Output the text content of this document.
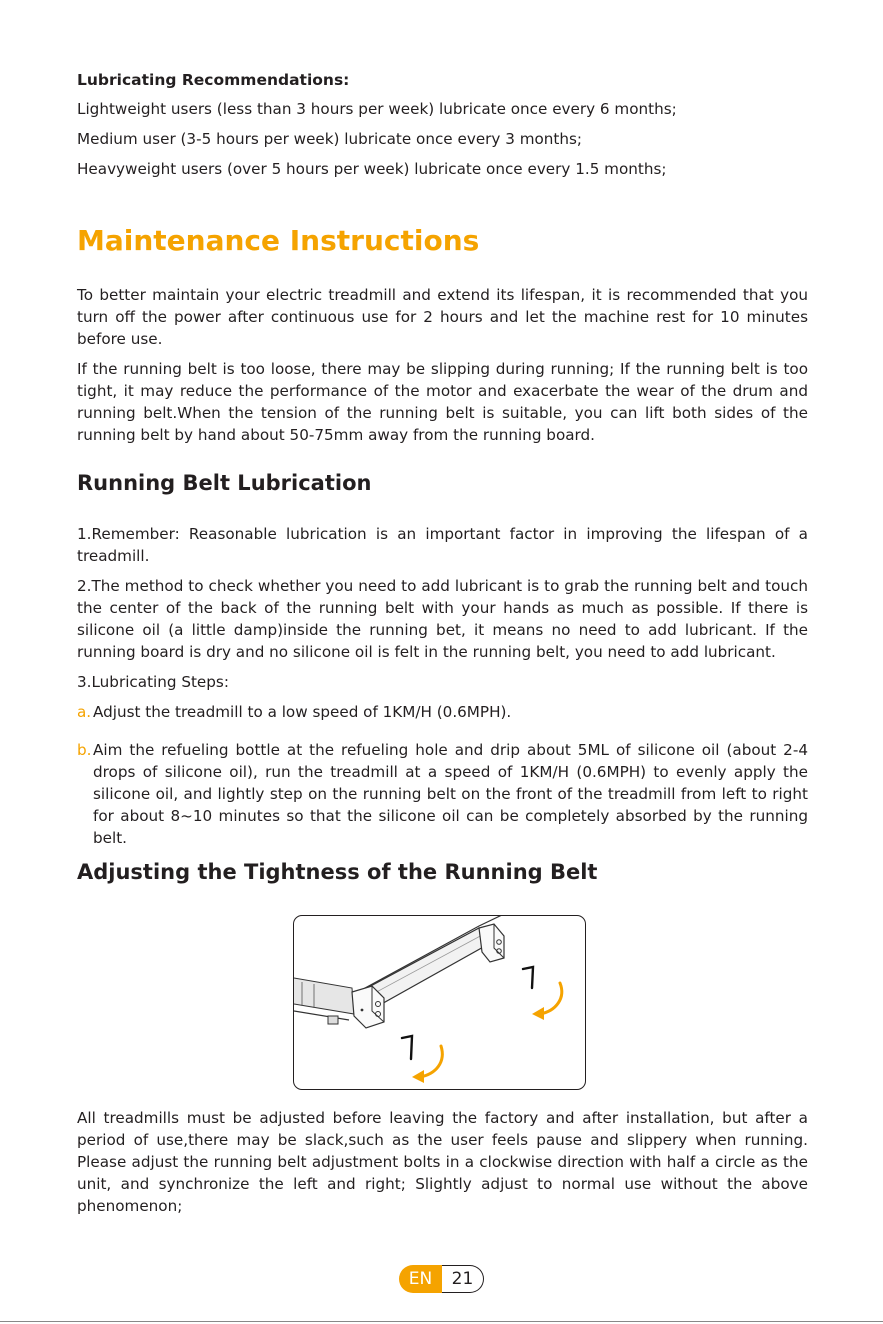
Lubricating Recommendations:

Lightweight users (less than 3 hours per week) lubricate once every 6 months;

Medium user (3-5 hours per week) lubricate once every 3 months;

Heavyweight users (over 5 hours per week) lubricate once every 1.5 months;

Maintenance Instructions

To better maintain your electric treadmill and extend its lifespan, it is recommended that you turn off the power after continuous use for 2 hours and let the machine rest for 10 minutes before use.

If the running belt is too loose, there may be slipping during running; If the running belt is too tight, it may reduce the performance of the motor and exacerbate the wear of the drum and running belt.When the tension of the running belt is suitable, you can lift both sides of the running belt by hand about 50-75mm away from the running board.

Running Belt Lubrication

1.Remember: Reasonable lubrication is an important factor in improving the lifespan of a treadmill.

2.The method to check whether you need to add lubricant is to grab the running belt and touch the center of the back of the running belt with your hands as much as possible. If there is silicone oil (a little damp)inside the running bet, it means no need to add lubricant. If the running board is dry and no silicone oil is felt in the running belt, you need to add lubricant.

3.Lubricating Steps:

a. Adjust the treadmill to a low speed of 1KM/H (0.6MPH).
b. Aim the refueling bottle at the refueling hole and drip about 5ML of silicone oil (about 2-4 drops of silicone oil), run the treadmill at a speed of 1KM/H (0.6MPH) to evenly apply the silicone oil, and lightly step on the running belt on the front of the treadmill from left to right for about 8~10 minutes so that the silicone oil can be completely absorbed by the running belt.
Adjusting the Tightness of the Running Belt

All treadmills must be adjusted before leaving the factory and after installation, but after a period of use,there may be slack,such as the user feels pause and slippery when running. Please adjust the running belt adjustment bolts in a clockwise direction with half a circle as the unit, and synchronize the left and right; Slightly adjust to normal use without the above phenomenon;

EN	21
